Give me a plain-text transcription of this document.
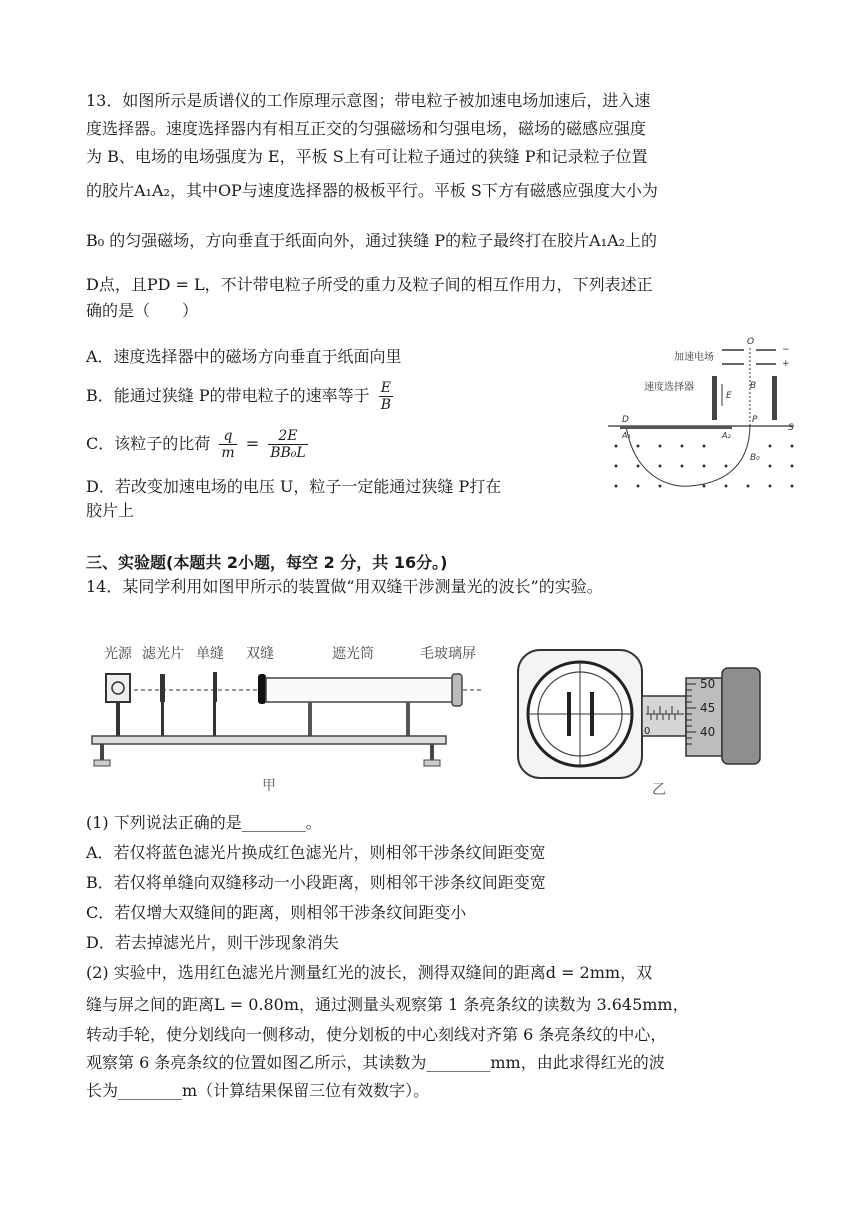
13．如图所示是质谱仪的工作原理示意图；带电粒子被加速电场加速后，进入速
度选择器。速度选择器内有相互正交的匀强磁场和匀强电场，磁场的磁感应强度
为 B、电场的电场强度为 E，平板 S上有可让粒子通过的狭缝 P和记录粒子位置
的胶片A₁A₂，其中OP与速度选择器的极板平行。平板 S下方有磁感应强度大小为
B₀ 的匀强磁场，方向垂直于纸面向外，通过狭缝 P的粒子最终打在胶片A₁A₂上的
D点，且PD = L，不计带电粒子所受的重力及粒子间的相互作用力，下列表述正
确的是（　　）
A．速度选择器中的磁场方向垂直于纸面向里
B．能通过狭缝 P的带电粒子的速率等于 $\frac{E}{B}$
C．该粒子的比荷 $\frac{q}{m} = \frac{2E}{\text{BB₀L}}$
D．若改变加速电场的电压 U，粒子一定能通过狭缝 P打在
胶片上
加速电场
O
−
+
速度选择器
E
B
D	P
S
A₁	A₂
B₀
三、实验题(本题共 2小题，每空 2 分，共 16分。)
14．某同学利用如图甲所示的装置做“用双缝干涉测量光的波长”的实验。
光源 滤光片 单缝 双缝	遮光筒	毛玻璃屏
甲
0
50
45
40
乙
(1) 下列说法正确的是________。
A．若仅将蓝色滤光片换成红色滤光片，则相邻干涉条纹间距变宽
B．若仅将单缝向双缝移动一小段距离，则相邻干涉条纹间距变宽
C．若仅增大双缝间的距离，则相邻干涉条纹间距变小
D．若去掉滤光片，则干涉现象消失
(2) 实验中，选用红色滤光片测量红光的波长，测得双缝间的距离d = 2mm，双
缝与屏之间的距离L = 0.80m，通过测量头观察第 1 条亮条纹的读数为 3.645mm，
转动手轮，使分划线向一侧移动，使分划板的中心刻线对齐第 6 条亮条纹的中心，
观察第 6 条亮条纹的位置如图乙所示，其读数为________mm，由此求得红光的波
长为________m（计算结果保留三位有效数字）。
